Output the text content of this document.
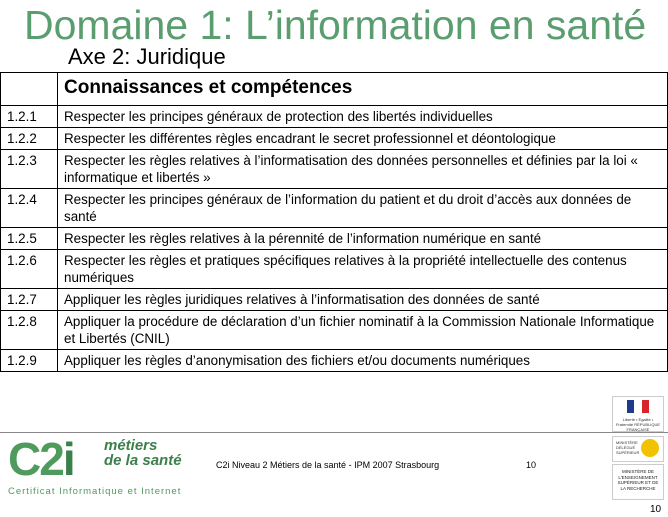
Domaine 1: L’information en santé
Axe 2: Juridique
	Connaissances et compétences
1.2.1	Respecter les principes généraux de protection des libertés individuelles
1.2.2	Respecter les différentes règles encadrant le secret professionnel et déontologique
1.2.3	Respecter les règles relatives à l’informatisation des données personnelles et définies par la loi « informatique et libertés »
1.2.4	Respecter les principes généraux de l’information du patient et du droit d’accès aux données de santé
1.2.5	Respecter les règles relatives à la pérennité de l’information numérique en santé
1.2.6	Respecter les règles et pratiques spécifiques relatives à la propriété intellectuelle des contenus numériques
1.2.7	Appliquer les règles juridiques relatives à l’informatisation des données de santé
1.2.8	Appliquer la procédure de déclaration d’un fichier nominatif à la Commission Nationale Informatique et Libertés (CNIL)
1.2.9	Appliquer les règles d’anonymisation des fichiers et/ou documents numériques
C2i	métiers
de la santé
Certificat Informatique et Internet
C2i Niveau 2 Métiers de la santé - IPM 2007 Strasbourg	10
10
Liberté • Égalité • Fraternité RÉPUBLIQUE FRANÇAISE
MINISTÈRE DÉLÉGUÉ SUPÉRIEUR
MINISTÈRE DE L'ENSEIGNEMENT SUPÉRIEUR ET DE LA RECHERCHE
